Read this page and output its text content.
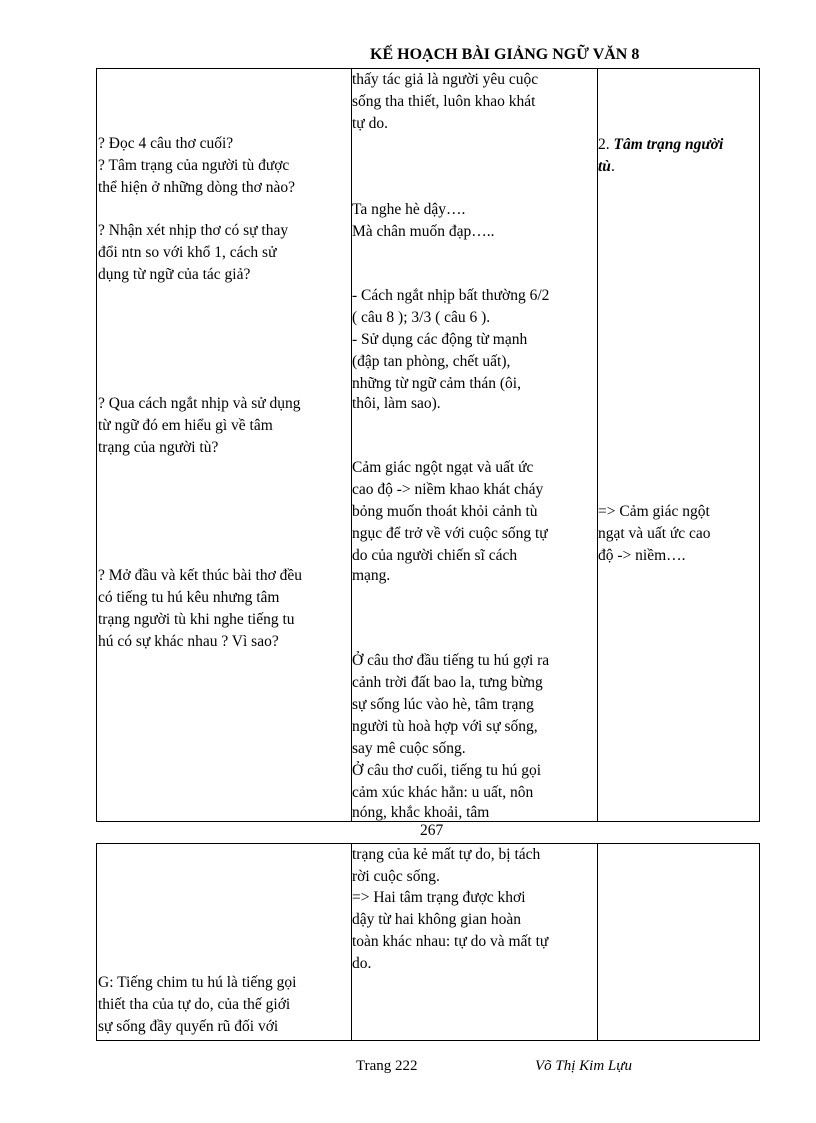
KẾ HOẠCH BÀI GIẢNG NGỮ VĂN 8
? Đọc 4 câu thơ cuối?
? Tâm trạng của người tù được
thể hiện ở những dòng thơ nào?
? Nhận xét nhịp thơ có sự thay
đổi ntn so với khổ 1, cách sử
dụng từ ngữ của tác giả?
? Qua cách ngắt nhịp và sử dụng
từ ngữ đó em hiểu gì về tâm
trạng của người tù?
? Mở đầu và kết thúc bài thơ đều
có tiếng tu hú kêu nhưng tâm
trạng người tù khi nghe tiếng tu
hú có sự khác nhau ? Vì sao?
thấy tác giả là người yêu cuộc
sống tha thiết, luôn khao khát
tự do.
Ta nghe hè dậy….
Mà chân muốn đạp…..
- Cách ngắt nhịp bất thường 6/2
( câu 8 ); 3/3 ( câu 6 ).
- Sử dụng các động từ mạnh
(đập tan phòng, chết uất),
những từ ngữ cảm thán (ôi,
thôi, làm sao).
Cảm giác ngột ngạt và uất ức
cao độ -> niềm khao khát cháy
bỏng muốn thoát khỏi cảnh tù
ngục để trở về với cuộc sống tự
do của người chiến sĩ cách
mạng.
Ở câu thơ đầu tiếng tu hú gợi ra
cảnh trời đất bao la, tưng bừng
sự sống lúc vào hè, tâm trạng
người tù hoà hợp với sự sống,
say mê cuộc sống.
Ở câu thơ cuối, tiếng tu hú gọi
cảm xúc khác hẳn: u uất, nôn
nóng, khắc khoải, tâm
2. Tâm trạng người
tù.
=> Cảm giác ngột
ngạt và uất ức cao
độ -> niềm….
267
G: Tiếng chim tu hú là tiếng gọi
thiết tha của tự do, của thế giới
sự sống đầy quyến rũ đối với
trạng của kẻ mất tự do, bị tách
rời cuộc sống.
=> Hai tâm trạng được khơi
dậy từ hai không gian hoàn
toàn khác nhau: tự do và mất tự
do.
Trang 222	Võ Thị Kim Lựu
